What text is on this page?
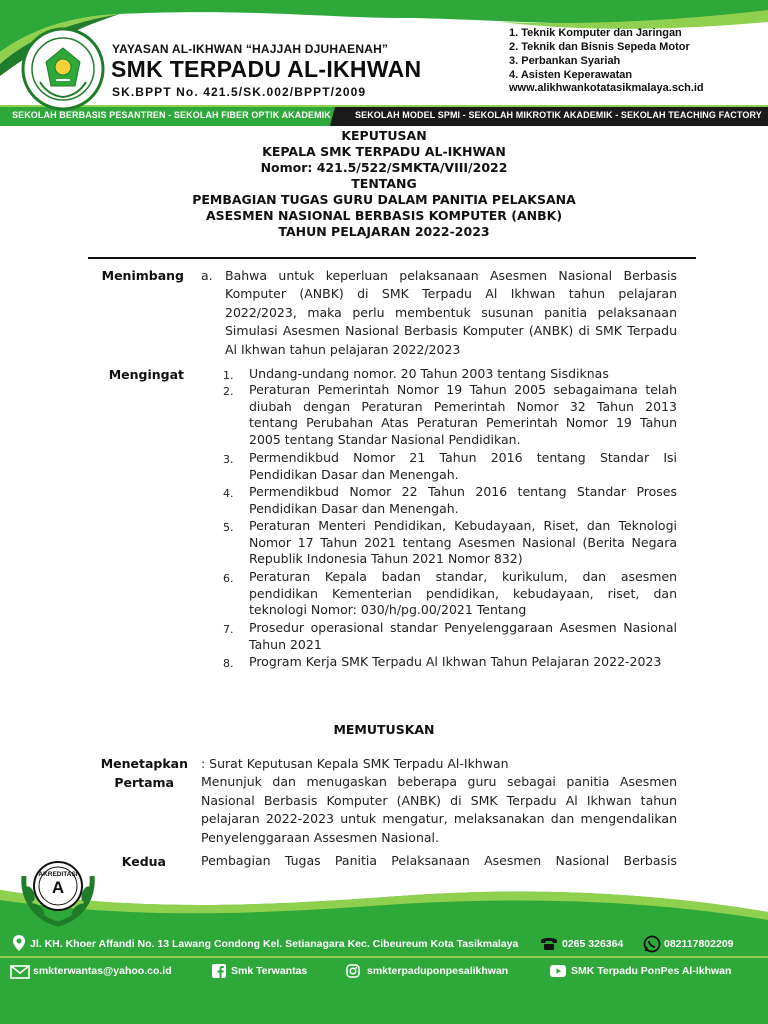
YAYASAN AL-IKHWAN “HAJJAH DJUHAENAH”
SMK TERPADU AL-IKHWAN
SK.BPPT No. 421.5/SK.002/BPPT/2009
1. Teknik Komputer dan Jaringan
2. Teknik dan Bisnis Sepeda Motor
3. Perbankan Syariah
4. Asisten Keperawatan
www.alikhwankotatasikmalaya.sch.id
SEKOLAH BERBASIS PESANTREN - SEKOLAH FIBER OPTIK AKADEMIK	SEKOLAH MODEL SPMI - SEKOLAH MIKROTIK AKADEMIK - SEKOLAH TEACHING FACTORY
KEPUTUSAN
KEPALA SMK TERPADU AL-IKHWAN
Nomor: 421.5/522/SMKTA/VIII/2022
TENTANG
PEMBAGIAN TUGAS GURU DALAM PANITIA PELAKSANA
ASESMEN NASIONAL BERBASIS KOMPUTER (ANBK)
TAHUN PELAJARAN 2022-2023
Menimbang a. Bahwa untuk keperluan pelaksanaan Asesmen Nasional Berbasis
Komputer (ANBK) di SMK Terpadu Al Ikhwan tahun pelajaran 2022/2023, maka perlu membentuk susunan panitia pelaksanaan Simulasi Asesmen Nasional Berbasis Komputer (ANBK) di SMK Terpadu Al Ikhwan tahun pelajaran 2022/2023
Mengingat	1. Undang-undang nomor. 20 Tahun 2003 tentang Sisdiknas
2. Peraturan Pemerintah Nomor 19 Tahun 2005 sebagaimana telah diubah dengan Peraturan Pemerintah Nomor 32 Tahun 2013 tentang Perubahan Atas Peraturan Pemerintah Nomor 19 Tahun 2005 tentang Standar Nasional Pendidikan.
3. Permendikbud Nomor 21 Tahun 2016 tentang Standar Isi Pendidikan Dasar dan Menengah.
4. Permendikbud Nomor 22 Tahun 2016 tentang Standar Proses Pendidikan Dasar dan Menengah.
5. Peraturan Menteri Pendidikan, Kebudayaan, Riset, dan Teknologi Nomor 17 Tahun 2021 tentang Asesmen Nasional (Berita Negara Republik Indonesia Tahun 2021 Nomor 832)
6. Peraturan Kepala badan standar, kurikulum, dan asesmen pendidikan Kementerian pendidikan, kebudayaan, riset, dan teknologi Nomor: 030/h/pg.00/2021 Tentang
7. Prosedur operasional standar Penyelenggaraan Asesmen Nasional Tahun 2021
8. Program Kerja SMK Terpadu Al Ikhwan Tahun Pelajaran 2022-2023
MEMUTUSKAN
Menetapkan : Surat Keputusan Kepala SMK Terpadu Al-Ikhwan
Pertama Menunjuk dan menugaskan beberapa guru sebagai panitia Asesmen Nasional Berbasis Komputer (ANBK) di SMK Terpadu Al Ikhwan tahun pelajaran 2022-2023 untuk mengatur, melaksanakan dan mengendalikan Penyelenggaraan Assesmen Nasional.
Kedua	Pembagian Tugas Panitia Pelaksanaan Asesmen Nasional Berbasis
AKREDITASI
A
Jl. KH. Khoer Affandi No. 13 Lawang Condong Kel. Setianagara Kec. Cibeureum Kota Tasikmalaya	0265 326364	082117802209
smkterwantas@yahoo.co.id	Smk Terwantas	smkterpaduponpesalikhwan	SMK Terpadu PonPes Al-Ikhwan
